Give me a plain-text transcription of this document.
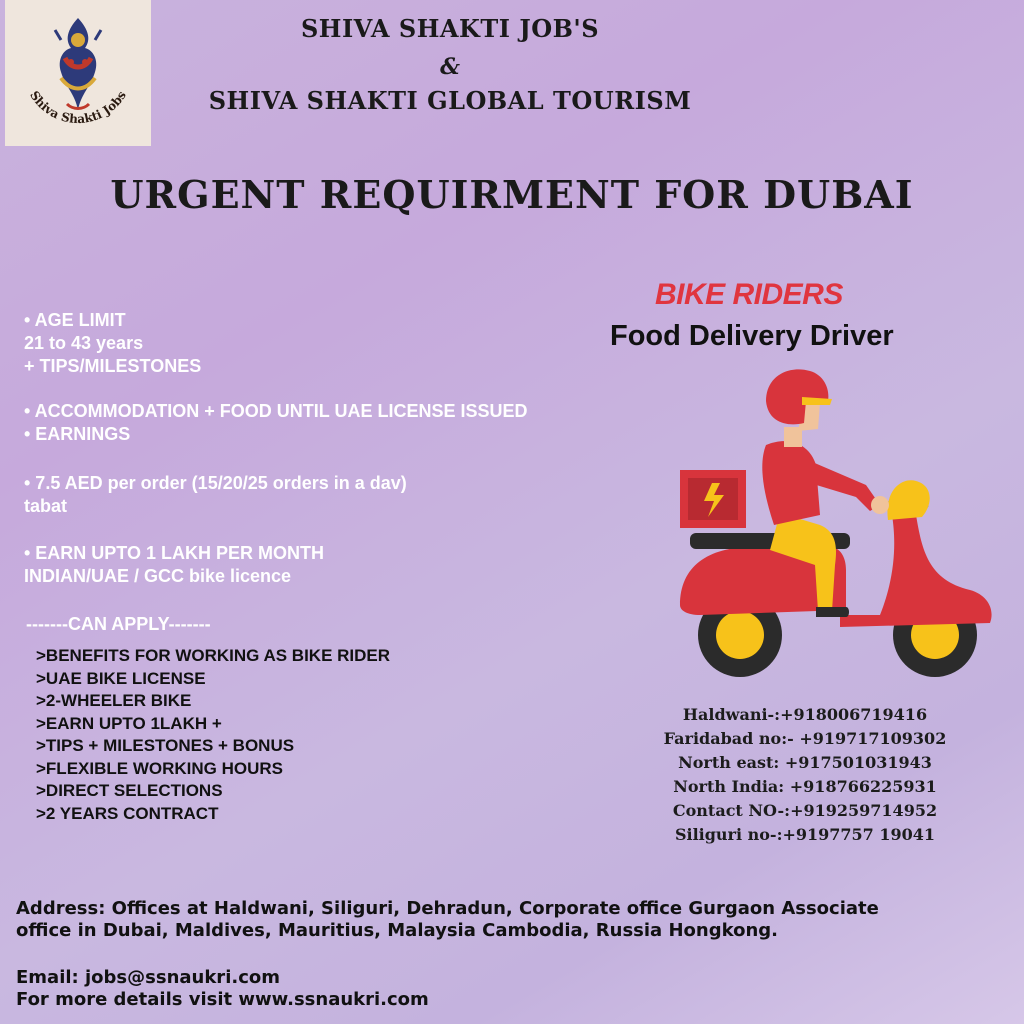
Shiva Shakti Jobs
SHIVA SHAKTI JOB'S
&
SHIVA SHAKTI GLOBAL TOURISM
URGENT REQUIRMENT FOR DUBAI
• AGE LIMIT
21 to 43 years
+ TIPS/MILESTONES
• ACCOMMODATION + FOOD UNTIL UAE LICENSE ISSUED
• EARNINGS
• 7.5 AED per order (15/20/25 orders in a dav)
tabat
• EARN UPTO 1 LAKH PER MONTH
INDIAN/UAE / GCC bike licence
-------CAN APPLY-------
>BENEFITS FOR WORKING AS BIKE RIDER
>UAE BIKE LICENSE
>2-WHEELER BIKE
>EARN UPTO 1LAKH +
>TIPS + MILESTONES + BONUS
>FLEXIBLE WORKING HOURS
>DIRECT SELECTIONS
>2 YEARS CONTRACT
BIKE RIDERS
Food Delivery Driver
Haldwani-:+918006719416
Faridabad no:- +919717109302
North east: +917501031943
North India: +918766225931
Contact NO-:+919259714952
Siliguri no-:+9197757 19041
Address: Offices at Haldwani, Siliguri, Dehradun, Corporate office Gurgaon Associate
office in Dubai, Maldives, Mauritius, Malaysia Cambodia, Russia Hongkong.
Email: jobs@ssnaukri.com
For more details visit www.ssnaukri.com
